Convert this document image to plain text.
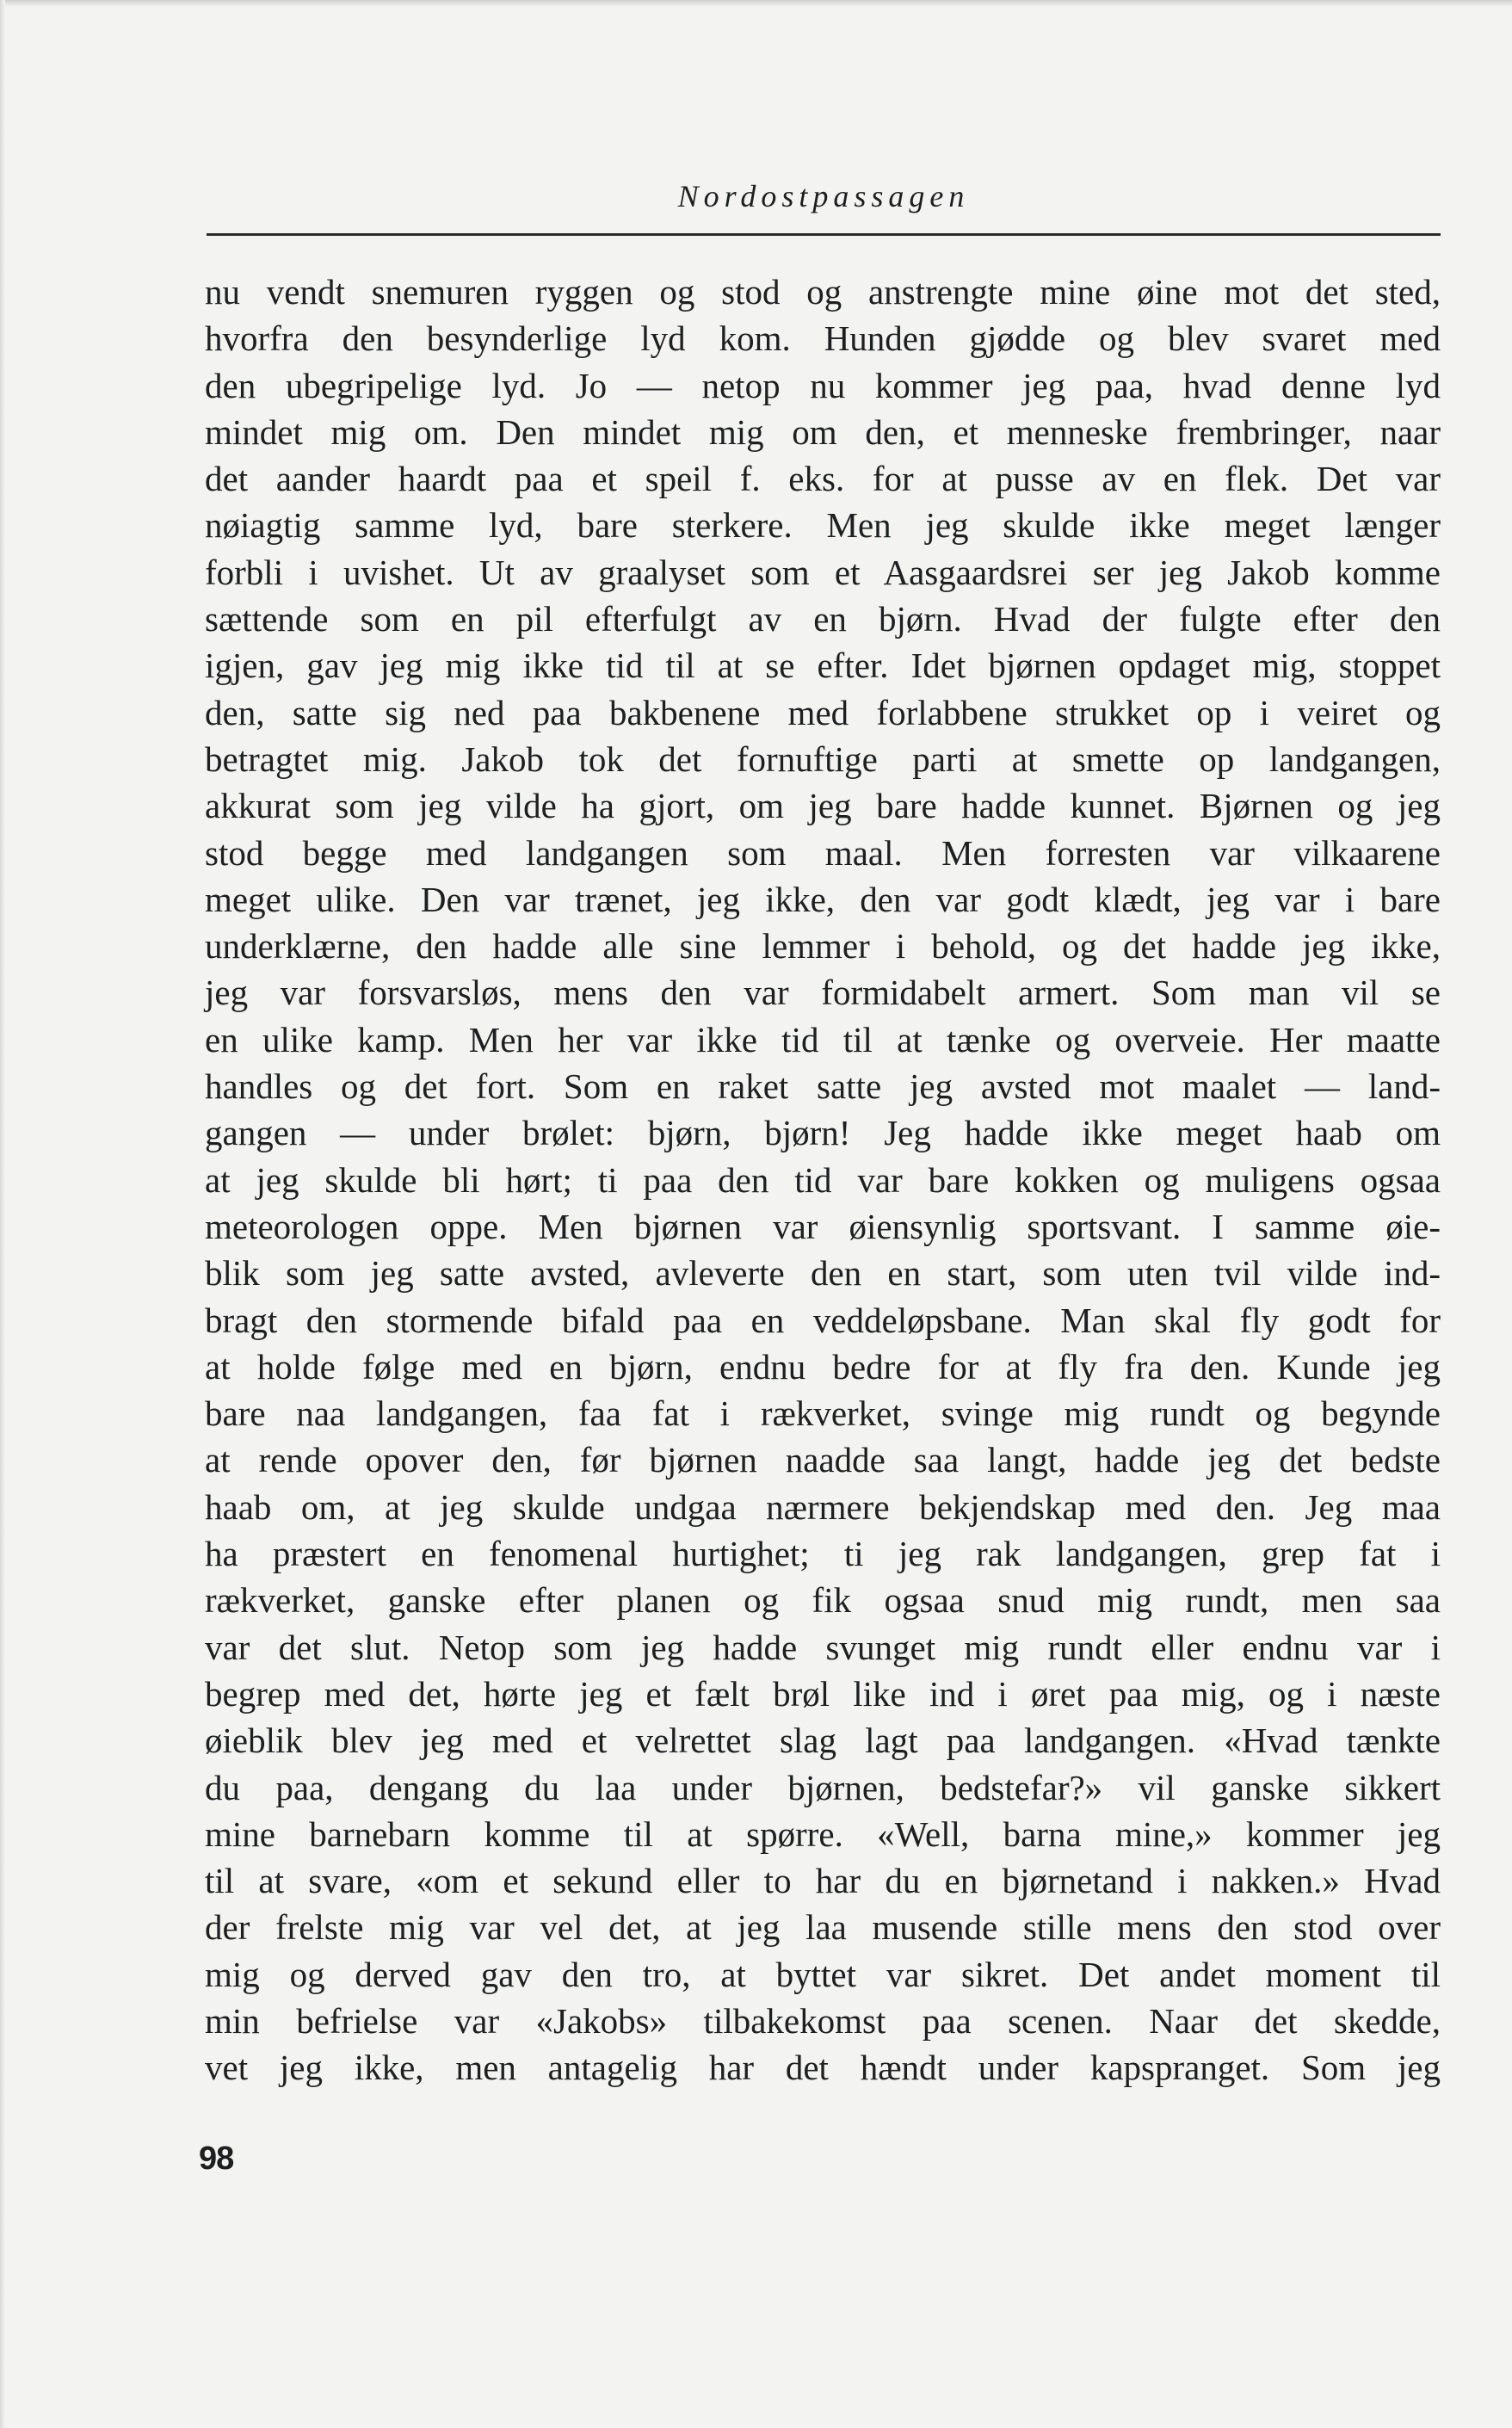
Nordostpassagen
nu vendt snemuren ryggen og stod og anstrengte mine øine mot det sted,
hvorfra den besynderlige lyd kom. Hunden gjødde og blev svaret med
den ubegripelige lyd. Jo — netop nu kommer jeg paa, hvad denne lyd
mindet mig om. Den mindet mig om den, et menneske frembringer, naar
det aander haardt paa et speil f. eks. for at pusse av en flek. Det var
nøiagtig samme lyd, bare sterkere. Men jeg skulde ikke meget længer
forbli i uvishet. Ut av graalyset som et Aasgaardsrei ser jeg Jakob komme
sættende som en pil efterfulgt av en bjørn. Hvad der fulgte efter den
igjen, gav jeg mig ikke tid til at se efter. Idet bjørnen opdaget mig, stoppet
den, satte sig ned paa bakbenene med forlabbene strukket op i veiret og
betragtet mig. Jakob tok det fornuftige parti at smette op landgangen,
akkurat som jeg vilde ha gjort, om jeg bare hadde kunnet. Bjørnen og jeg
stod begge med landgangen som maal. Men forresten var vilkaarene
meget ulike. Den var trænet, jeg ikke, den var godt klædt, jeg var i bare
underklærne, den hadde alle sine lemmer i behold, og det hadde jeg ikke,
jeg var forsvarsløs, mens den var formidabelt armert. Som man vil se
en ulike kamp. Men her var ikke tid til at tænke og overveie. Her maatte
handles og det fort. Som en raket satte jeg avsted mot maalet — land-
gangen — under brølet: bjørn, bjørn! Jeg hadde ikke meget haab om
at jeg skulde bli hørt; ti paa den tid var bare kokken og muligens ogsaa
meteorologen oppe. Men bjørnen var øiensynlig sportsvant. I samme øie-
blik som jeg satte avsted, avleverte den en start, som uten tvil vilde ind-
bragt den stormende bifald paa en veddeløpsbane. Man skal fly godt for
at holde følge med en bjørn, endnu bedre for at fly fra den. Kunde jeg
bare naa landgangen, faa fat i rækverket, svinge mig rundt og begynde
at rende opover den, før bjørnen naadde saa langt, hadde jeg det bedste
haab om, at jeg skulde undgaa nærmere bekjendskap med den. Jeg maa
ha præstert en fenomenal hurtighet; ti jeg rak landgangen, grep fat i
rækverket, ganske efter planen og fik ogsaa snud mig rundt, men saa
var det slut. Netop som jeg hadde svunget mig rundt eller endnu var i
begrep med det, hørte jeg et fælt brøl like ind i øret paa mig, og i næste
øieblik blev jeg med et velrettet slag lagt paa landgangen. «Hvad tænkte
du paa, dengang du laa under bjørnen, bedstefar?» vil ganske sikkert
mine barnebarn komme til at spørre. «Well, barna mine,» kommer jeg
til at svare, «om et sekund eller to har du en bjørnetand i nakken.» Hvad
der frelste mig var vel det, at jeg laa musende stille mens den stod over
mig og derved gav den tro, at byttet var sikret. Det andet moment til
min befrielse var «Jakobs» tilbakekomst paa scenen. Naar det skedde,
vet jeg ikke, men antagelig har det hændt under kapspranget. Som jeg
98
